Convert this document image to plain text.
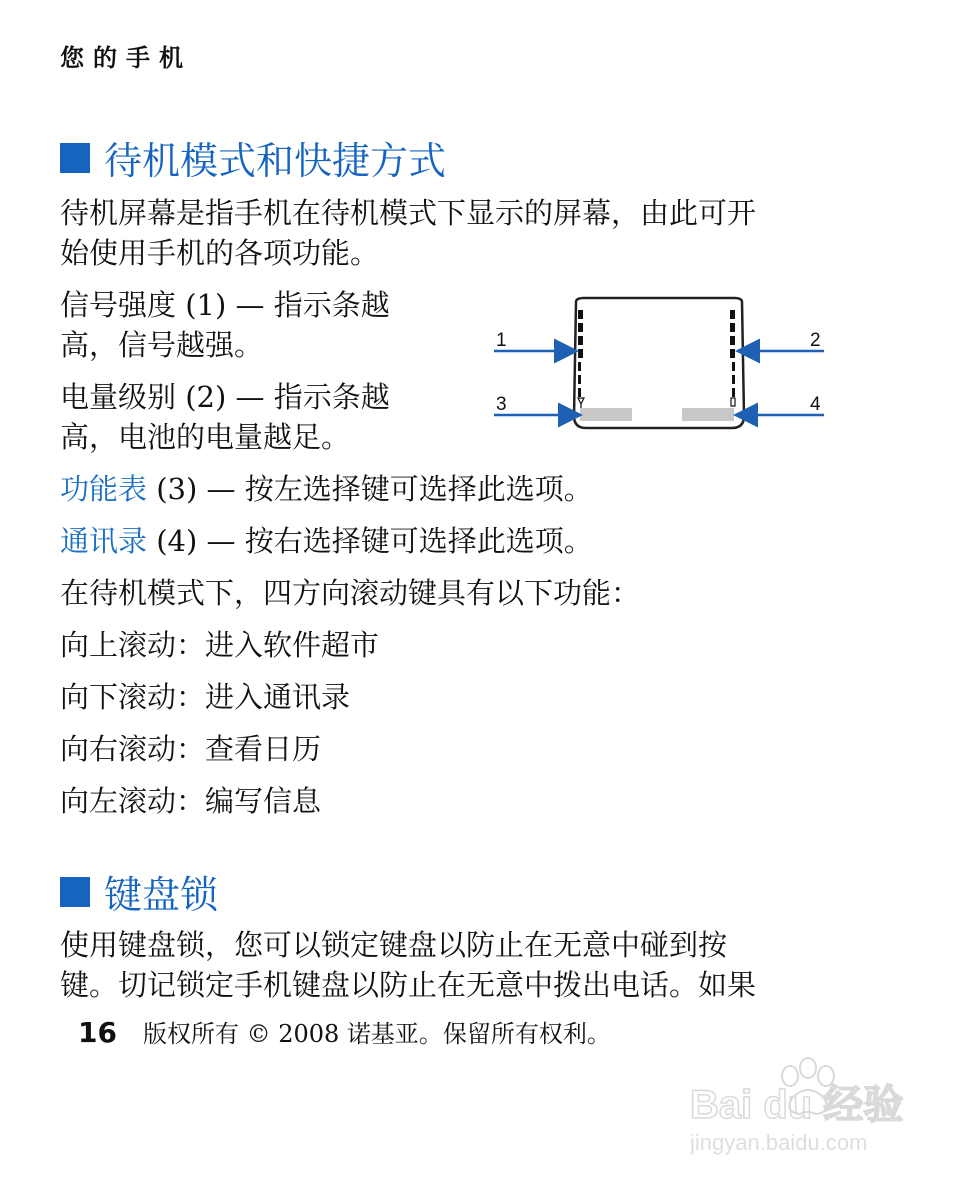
您的手机
待机模式和快捷方式
待机屏幕是指手机在待机模式下显示的屏幕，由此可开
始使用手机的各项功能。
信号强度 (1) — 指示条越
高，信号越强。
电量级别 (2) — 指示条越
高，电池的电量越足。
1	2
3	4
功能表 (3) — 按左选择键可选择此选项。
通讯录 (4) — 按右选择键可选择此选项。
在待机模式下，四方向滚动键具有以下功能：
向上滚动：进入软件超市
向下滚动：进入通讯录
向右滚动：查看日历
向左滚动：编写信息
键盘锁
使用键盘锁，您可以锁定键盘以防止在无意中碰到按
键。切记锁定手机键盘以防止在无意中拨出电话。如果
16 版权所有 © 2008 诺基亚。保留所有权利。
Bai du 经验
jingyan.baidu.com
